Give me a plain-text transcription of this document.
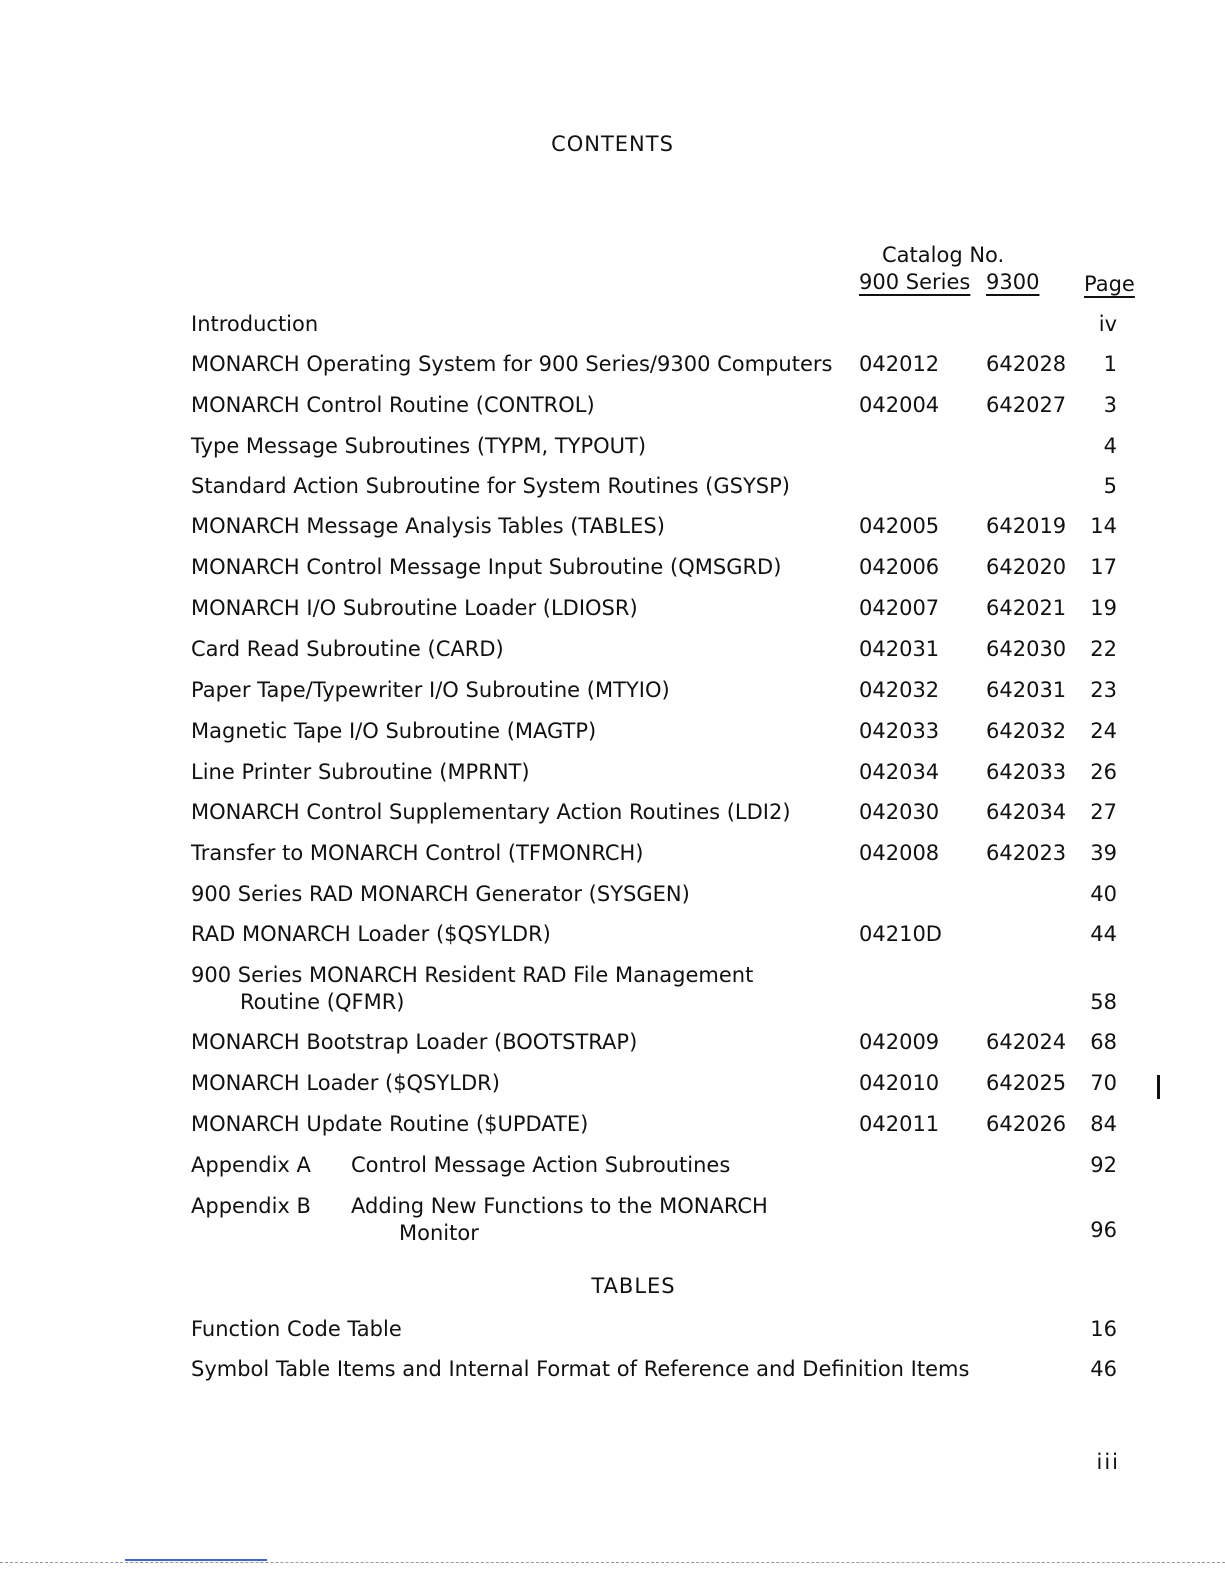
CONTENTS
Catalog No.
900 Series 9300 Page
Introduction	iv
MONARCH Operating System for 900 Series/9300 Computers 042012 642028	1
MONARCH Control Routine (CONTROL)	042004 642027	3
Type Message Subroutines (TYPM, TYPOUT)	4
Standard Action Subroutine for System Routines (GSYSP)	5
MONARCH Message Analysis Tables (TABLES)	042005 642019	14
MONARCH Control Message Input Subroutine (QMSGRD)	042006 642020	17
MONARCH I/O Subroutine Loader (LDIOSR)	042007 642021	19
Card Read Subroutine (CARD)	042031 642030	22
Paper Tape/Typewriter I/O Subroutine (MTYIO)	042032 642031	23
Magnetic Tape I/O Subroutine (MAGTP)	042033 642032	24
Line Printer Subroutine (MPRNT)	042034 642033	26
MONARCH Control Supplementary Action Routines (LDI2)	042030 642034	27
Transfer to MONARCH Control (TFMONRCH)	042008 642023	39
900 Series RAD MONARCH Generator (SYSGEN)	40
RAD MONARCH Loader ($QSYLDR)	04210D	44
900 Series MONARCH Resident RAD File Management
Routine (QFMR)	58
MONARCH Bootstrap Loader (BOOTSTRAP)	042009 642024	68
MONARCH Loader ($QSYLDR)	042010 642025	70
MONARCH Update Routine ($UPDATE)	042011 642026	84
Appendix A Control Message Action Subroutines	92
Appendix B Adding New Functions to the MONARCH
Monitor	96
TABLES
Function Code Table	16
Symbol Table Items and Internal Format of Reference and Definition Items	46
iii
